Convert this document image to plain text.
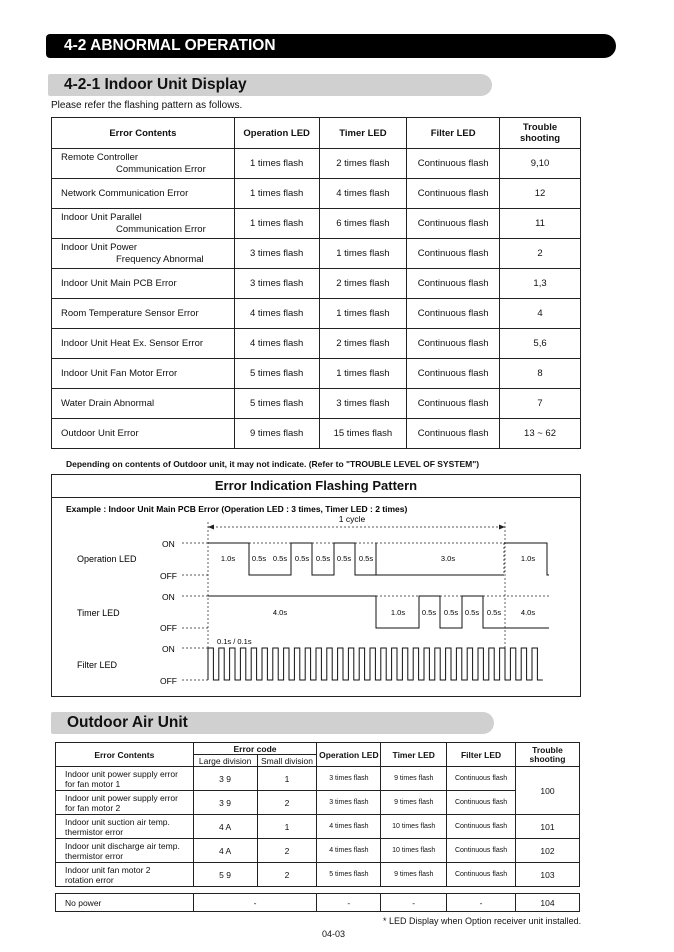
4-2 ABNORMAL OPERATION
4-2-1 Indoor Unit Display
Please refer the flashing pattern as follows.
Error Contents	Operation LED	Timer LED	Filter LED	Trouble shooting
Remote Controller
Communication Error	1 times flash	2 times flash	Continuous flash	9,10
Network Communication Error	1 times flash	4 times flash	Continuous flash	12
Indoor Unit Parallel
Communication Error	1 times flash	6 times flash	Continuous flash	11
Indoor Unit Power
Frequency Abnormal	3 times flash	1 times flash	Continuous flash	2
Indoor Unit Main PCB Error	3 times flash	2 times flash	Continuous flash	1,3
Room Temperature Sensor Error	4 times flash	1 times flash	Continuous flash	4
Indoor Unit Heat Ex. Sensor Error	4 times flash	2 times flash	Continuous flash	5,6
Indoor Unit Fan Motor Error	5 times flash	1 times flash	Continuous flash	8
Water Drain Abnormal	5 times flash	3 times flash	Continuous flash	7
Outdoor Unit Error	9 times flash	15 times flash	Continuous flash	13 ~ 62
Depending on contents of Outdoor unit, it may not indicate. (Refer to "TROUBLE LEVEL OF SYSTEM")
Error Indication Flashing Pattern
Example : Indoor Unit Main PCB Error (Operation LED : 3 times, Timer LED : 2 times)
1 cycle
Operation LED
ON
OFF
1.0s 0.5s 0.5s 0.5s 0.5s 0.5s 0.5s	3.0s	1.0s
Timer LED
ON
OFF
4.0s	1.0s 0.5s 0.5s 0.5s 0.5s	4.0s
Filter LED
ON
OFF
0.1s / 0.1s
Outdoor Air Unit
Error Contents	Error code		Operation LED	Timer LED	Filter LED	Trouble shooting
	Large division	Small division				
Indoor unit power supply error
for fan motor 1	3 9	1	3 times flash	9 times flash	Continuous flash	100
Indoor unit power supply error
for fan motor 2	3 9	2	3 times flash	9 times flash	Continuous flash	
Indoor unit suction air temp.
thermistor error	4 A	1	4 times flash	10 times flash	Continuous flash	101
Indoor unit discharge air temp.
thermistor error	4 A	2	4 times flash	10 times flash	Continuous flash	102
Indoor unit fan motor 2
rotation error	5 9	2	5 times flash	9 times flash	Continuous flash	103

No power	-		-	-	-	104
* LED Display when Option receiver unit installed.
04-03
